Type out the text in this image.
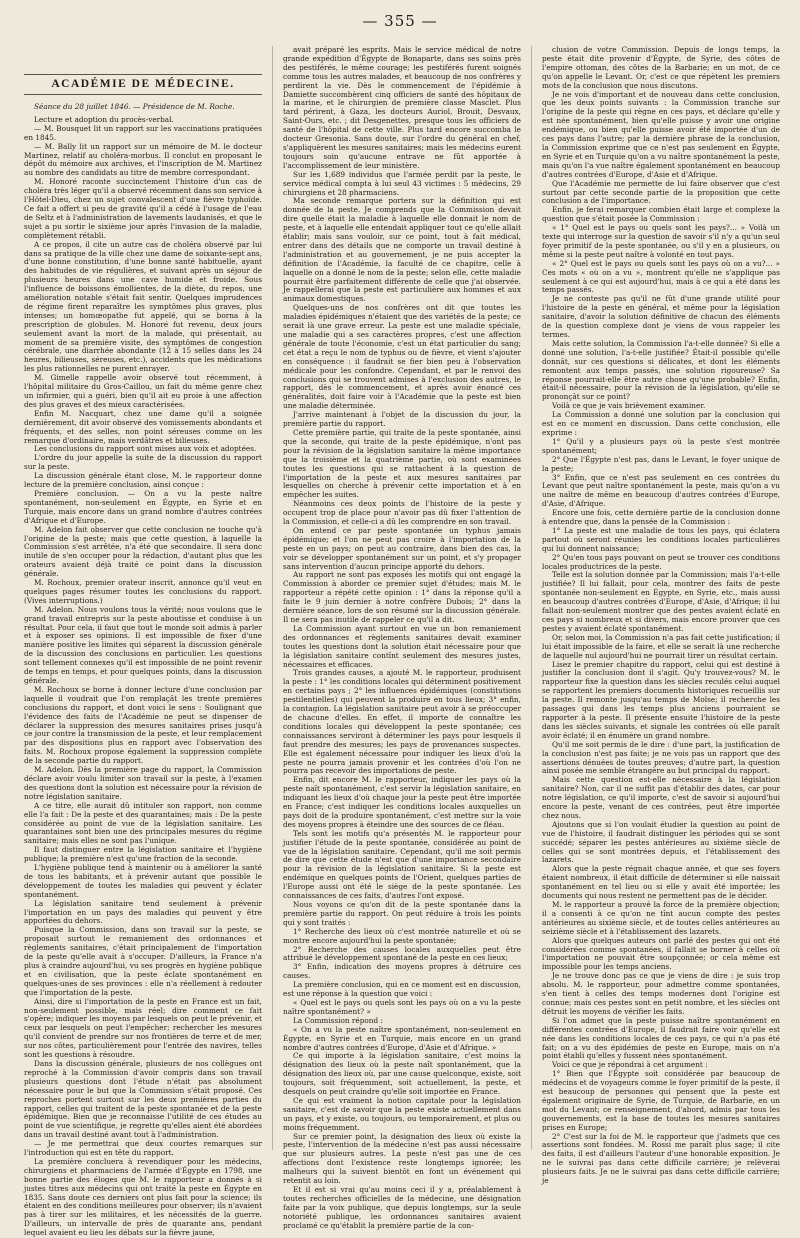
— 355 —
ACADÉMIE DE MÉDECINE.

Séance du 28 juillet 1846. — Présidence de M. Roche.

Lecture et adoption du procès-verbal.

— M. Bousquet lit un rapport sur les vaccinations pratiquées en 1845.

— M. Bally lit un rapport sur un mémoire de M. le docteur Martinez, relatif au choléra-morbus. Il conclut en proposant le dépôt du mémoire aux archives, et l'inscription de M. Martinez au nombre des candidats au titre de membre correspondant.

M. Honoré raconte succinctement l'histoire d'un cas de choléra très léger qu'il a observé récemment dans son service à l'Hôtel-Dieu, chez un sujet convalescent d'une fièvre typhoïde. Ce fait a offert si peu de gravité qu'il a cédé à l'usage de l'eau de Seltz et à l'administration de lavements laudanisés, et que le sujet a pu sortir le sixième jour après l'invasion de la maladie, complètement rétabli.

A ce propos, il cite un autre cas de choléra observé par lui dans sa pratique de la ville chez une dame de soixante-sept ans, d'une bonne constitution, d'une bonne santé habituelle, ayant des habitudes de vie régulières, et suivant après un séjour de plusieurs heures dans une cave humide et froide. Sous l'influence de boissons émollientes, de la diète, du repos, une amélioration notable s'était fait sentir. Quelques imprudences de régime firent reparaître les symptômes plus graves, plus intenses; un homœopathe fut appelé, qui se borna à la prescription de globules. M. Honoré fut revenu, deux jours seulement avant la mort de la malade, qui présentait, au moment de sa première visite, des symptômes de congestion cérébrale, une diarrhée abondante (12 à 15 selles dans les 24 heures, bilieuses, séreuses, etc.), accidents que les médications les plus rationnelles ne purent enrayer.

M. Gimelle rappelle avoir observé tout récemment, à l'hôpital militaire du Gros-Caillou, un fait du même genre chez un infirmier, qui a guéri, bien qu'il ait eu proie à une affection des plus graves et des mieux caractérisées.

Enfin M. Nacquart, chez une dame qu'il a soignée dernièrement, dit avoir observé des vomissements abondants et fréquents, et des selles, non point séreuses comme on les remarque d'ordinaire, mais verdâtres et bilieuses.

Les conclusions du rapport sont mises aux voix et adoptées.

L'ordre du jour appelle la suite de la discussion du rapport sur la peste.

La discussion générale étant close, M. le rapporteur donne lecture de la première conclusion, ainsi conçue :

Première conclusion. — On a vu la peste naître spontanément, non-seulement en Égypte, en Syrie et en Turquie, mais encore dans un grand nombre d'autres contrées d'Afrique et d'Europe.

M. Adelon fait observer que cette conclusion ne touche qu'à l'origine de la peste; mais que cette question, à laquelle la Commission s'est arrêtée, n'a été que secondaire. Il sera donc inutile de s'en occuper pour la rédaction, d'autant plus que les orateurs avaient déjà traité ce point dans la discussion générale.

M. Rochoux, premier orateur inscrit, annonce qu'il veut en quelques pages résumer toutes les conclusions du rapport. (Vives interruptions.)

M. Adelon. Nous voulons tous la vérité; nous voulons que le grand travail entrepris sur la peste aboutisse et conduise à un résultat. Pour cela, il faut que tout le monde soit admis à parler et à exposer ses opinions. Il est impossible de fixer d'une manière positive les limites qui séparent la discussion générale de la discussion des conclusions en particulier. Les questions sont tellement connexes qu'il est impossible de ne point revenir de temps en temps, et pour quelques points, dans la discussion générale.

M. Rochoux se borne à donner lecture d'une conclusion par laquelle il voudrait que l'on remplaçât les trente premières conclusions du rapport, et dont voici le sens : Soulignant que l'évidence des faits de l'Académie ne peut se dispenser de déclarer la suppression des mesures sanitaires prises jusqu'à ce jour contre la transmission de la peste, et leur remplacement par des dispositions plus en rapport avec l'observation des faits. M. Rochoux propose également la suppression complète de la seconde partie du rapport.

M. Adelon. Dès la première page du rapport, la Commission déclare avoir voulu limiter son travail sur la peste, à l'examen des questions dont la solution est nécessaire pour la révision de notre législation sanitaire.

A ce titre, elle aurait dû intituler son rapport, non comme elle l'a fait : De la peste et des quarantaines; mais : De la peste considérée au point de vue de la législation sanitaire. Les quarantaines sont bien une des principales mesures du régime sanitaire; mais elles ne sont pas l'unique.

Il faut distinguer entre la législation sanitaire et l'hygiène publique; la première n'est qu'une fraction de la seconde.

L'hygiène publique tend à maintenir ou à améliorer la santé de tous les habitants, et à prévenir autant que possible le développement de toutes les maladies qui peuvent y éclater spontanément.

La législation sanitaire tend seulement à prévenir l'importation en un pays des maladies qui peuvent y être apportées du dehors.

Puisque la Commission, dans son travail sur la peste, se proposait surtout le remaniement des ordonnances et règlements sanitaires, c'était principalement de l'importation de la peste qu'elle avait à s'occuper. D'ailleurs, la France n'a plus à craindre aujourd'hui, vu ses progrès en hygiène publique et en civilisation, que la peste éclate spontanément en quelques-unes de ses provinces : elle n'a réellement à redouter que l'importation de la peste.

Ainsi, dire si l'importation de la peste en France est un fait, non-seulement possible, mais réel; dire comment ce fait s'opère; indiquer les moyens par lesquels on peut le prévenir, et ceux par lesquels on peut l'empêcher; rechercher les mesures qu'il convient de prendre sur nos frontières de terre et de mer, sur nos côtes, particulièrement pour l'entrée des navires, telles sont les questions à résoudre.

Dans la discussion générale, plusieurs de nos collègues ont reproché à la Commission d'avoir compris dans son travail plusieurs questions dont l'étude n'était pas absolument nécessaire pour le but que la Commission s'était proposé. Ces reproches portent surtout sur les deux premières parties du rapport, celles qui traitent de la peste spontanée et de la peste épidémique. Bien que je reconnaisse l'utilité de ces études au point de vue scientifique, je regrette qu'elles aient été abordées dans un travail destiné avant tout à l'administration.

— Je me permettrai que deux courtes remarques sur l'introduction qui est en tête du rapport.

La première concluera à revendiquer pour les médecins, chirurgiens et pharmaciens de l'armée d'Égypte en 1798, une bonne partie des éloges que M. le rapporteur a donnés à si justes titres aux médecins qui ont traité la peste en Égypte en 1835. Sans doute ces derniers ont plus fait pour la science; ils étaient en des conditions meilleures pour observer; ils n'avaient pas à tirer sur les militaires, et les nécessités de la guerre. D'ailleurs, un intervalle de près de quarante ans, pendant lequel avaient eu lieu les débats sur la fièvre jaune,

avait préparé les esprits. Mais le service médical de notre grande expédition d'Égypte de Bonaparte, dans ses soins près des pestiférés, le même courage; les pestiférés furent soignés comme tous les autres malades, et beaucoup de nos confrères y perdirent la vie. Dès le commencement de l'épidémie à Damiette succombèrent cinq officiers de santé des hôpitaux de la marine, et le chirurgien de première classe Masclet. Plus tard périrent, à Gaza, les docteurs Auriol, Brouit, Desvaux, Saint-Ours, etc. ; dit Desgenettes, presque tous les officiers de santé de l'hôpital de cette ville. Plus tard encore succomba le docteur Gresonia. Sans doute, sur l'ordre du général en chef, s'appliquèrent les mesures sanitaires; mais les médecins eurent toujours soin qu'aucune entrave ne fût apportée à l'accomplissement de leur ministère.

Sur les 1,689 individus que l'armée perdit par la peste, le service médical compta à lui seul 43 victimes : 5 médecins, 29 chirurgiens et 28 pharmaciens.

Ma seconde remarque portera sur la définition qui est donnée de la peste. Je comprends que la Commission devait dire quelle était la maladie à laquelle elle donnait le nom de peste, et à laquelle elle entendait appliquer tout ce qu'elle allait établir; mais sans vouloir, sur ce point, tout à fait médical, entrer dans des détails que ne comporte un travail destiné à l'administration et au gouvernement, je ne puis accepter la définition de l'Académie, la faculté de ce chapitre, celle à laquelle on a donné le nom de la peste; selon elle, cette maladie pourrait être parfaitement différente de celle que j'ai observée. Je rappellerai que la peste est particulière aux hommes et aux animaux domestiques.

Quelques-uns de nos confrères ont dit que toutes les maladies épidémiques n'étaient que des variétés de la peste; ce serait là une grave erreur. La peste est une maladie spéciale, une maladie qui a ses caractères propres, c'est une affection générale de toute l'économie, c'est un état particulier du sang; cet état a reçu le nom de typhus ou de fièvre, et vient s'ajouter en conséquence : il faudrait se fier bien peu à l'observation médicale pour les confondre. Cependant, et par le renvoi des conclusions qui se trouvent admises à l'exclusion des autres, le rapport, dès le commencement, et après avoir énoncé ces généralités, doit faire voir à l'Académie que la peste est bien une maladie déterminée.

J'arrive maintenant à l'objet de la discussion du jour, la première partie du rapport.

Cette première partie, qui traite de la peste spontanée, ainsi que la seconde, qui traite de la peste épidémique, n'ont pas pour la révision de la législation sanitaire la même importance que la troisième et la quatrième partie, où sont examinées toutes les questions qui se rattachent à la question de l'importation de la peste et aux mesures sanitaires par lesquelles on cherche à prévenir cette importation et à en empêcher les suites.

Néanmoins ces deux points de l'histoire de la peste y occupent trop de place pour n'avoir pas dû fixer l'attention de la Commission, et celle-ci a dû les comprendre en son travail.

On entend ce par peste spontanée un typhus jamais épidémique; et l'on ne peut pas croire à l'importation de la peste en un pays; on peut au contraire, dans bien des cas, la voir se développer spontanément sur un point, et s'y propager sans intervention d'aucun principe apporté du dehors.

Au rapport ne sont pas exposés les motifs qui ont engagé la Commission à aborder ce premier sujet d'études; mais M. le rapporteur a répété cette opinion : 1° dans la réponse qu'il a faite le 9 juin dernier à notre confrère Dubois; 2° dans la dernière séance, lors de son résumé sur la discussion générale. Il ne sera pas inutile de rappeler ce qu'il a dit.

La Commission ayant surtout en vue un bon remaniement des ordonnances et règlements sanitaires devait examiner toutes les questions dont la solution était nécessaire pour que la législation sanitaire contînt seulement des mesures justes, nécessaires et efficaces.

Trois grandes causes, a ajouté M. le rapporteur, produisent la peste : 1° les conditions locales qui déterminent positivement en certains pays ; 2° les influences épidémiques (constitutions pestilentielles) qui peuvent la produire en tous lieux; 3° enfin, la contagion. La législation sanitaire peut avoir à se préoccuper de chacune d'elles. En effet, il importe de connaître les conditions locales qui développent la peste spontanée; ces connaissances serviront à déterminer les pays pour lesquels il faut prendre des mesures; les pays de provenances suspectes. Elle est également nécessaire pour indiquer les lieux d'où la peste ne pourra jamais provenir et les contrées d'où l'on ne pourra pas recevoir des importations de peste.

Enfin, dit encore M. le rapporteur, indiquer les pays où la peste naît spontanément, c'est servir la législation sanitaire, en indiquant les lieux d'où chaque jour la peste peut être importée en France; c'est indiquer les conditions locales auxquelles un pays doit de la produire spontanément, c'est mettre sur la voie des moyens propres à éteindre une des sources de ce fléau.

Tels sont les motifs qu'a présentés M. le rapporteur pour justifier l'étude de la peste spontanée, considérée au point de vue de la législation sanitaire. Cependant, qu'il me soit permis de dire que cette étude n'est que d'une importance secondaire pour la révision de la législation sanitaire. Si la peste est endémique en quelques points de l'Orient, quelques parties de l'Europe aussi ont été le siège de la peste spontanée. Les connaissances de ces faits, d'autres l'ont exposé.

Nous voyons ce qu'on dit de la peste spontanée dans la première partie du rapport. On peut réduire à trois les points qui y sont traités :

1° Recherche des lieux où c'est montrée naturelle et où se montre encore aujourd'hui la peste spontanée;

2° Recherche des causes locales auxquelles peut être attribué le développement spontané de la peste en ces lieux;

3° Enfin, indication des moyens propres à détruire ces causes.

La première conclusion, qui en ce moment est en discussion, est une réponse à la question que voici :

« Quel est le pays ou quels sont les pays où on a vu la peste naître spontanément? »

La Commission répond :

« On a vu la peste naître spontanément, non-seulement en Égypte, en Syrie et en Turquie, mais encore en un grand nombre d'autres contrées d'Europe, d'Asie et d'Afrique. »

Ce qui importe à la législation sanitaire, c'est moins la désignation des lieux où la peste naît spontanément, que la désignation des lieux où, par une cause quelconque, existe, soit toujours, soit fréquemment, soit actuellement, la peste, et desquels on peut craindre qu'elle soit importée en France.

Ce qui est vraiment la notion capitale pour la législation sanitaire, c'est de savoir que la peste existe actuellement dans un pays, et y existe, ou toujours, ou temporairement, et plus ou moins fréquemment.

Sur ce premier point, la désignation des lieux où existe la peste, l'intervention de la médecine n'est pas aussi nécessaire que sur plusieurs autres. La peste n'est pas une de ces affections dont l'existence reste longtemps ignorée; les malheurs qui la suivent bientôt en font un événement qui retentit au loin.

Et il est si vrai qu'au moins ceci il y a, préalablement à toutes recherches officielles de la médecine, une désignation faite par la voix publique, que depuis longtemps, sur la seule notoriété publique, les ordonnances sanitaires avaient proclamé ce qu'établit la première partie de la con-

clusion de votre Commission. Depuis de longs temps, la peste était dite provenir d'Égypte, de Syrie, des côtes de l'empire ottoman, des côtes de la Barbarie; en un mot, de ce qu'on appelle le Levant. Or, c'est ce que répètent les premiers mots de la conclusion que nous discutons.

Je ne vois d'important et de nouveau dans cette conclusion, que les deux points suivants : la Commission tranche sur l'origine de la peste qui règne en ces pays, et déclare qu'elle y est née spontanément, bien qu'elle puisse y avoir une origine endémique, ou bien qu'elle puisse avoir été importée d'un de ces pays dans l'autre; par la dernière phrase de la conclusion, la Commission exprime que ce n'est pas seulement en Égypte, en Syrie et en Turquie qu'on a vu naître spontanément la peste, mais qu'on l'a vue naître également spontanément en beaucoup d'autres contrées d'Europe, d'Asie et d'Afrique.

Que l'Académie me permette de lui faire observer que c'est surtout par cette seconde partie de la proposition que cette conclusion a de l'importance.

Enfin, je ferai remarquer combien était large et complexe la question que s'était posée la Commission :

« 1° Quel est le pays ou quels sont les pays?... » Voilà un texte qui interroge sur la question de savoir s'il n'y a qu'un seul foyer primitif de la peste spontanée, ou s'il y en a plusieurs, ou même si la peste peut naître à volonté en tout pays.

« 2° Quel est le pays ou quels sont les pays où on a vu?... » Ces mots « où on a vu », montrent qu'elle ne s'applique pas seulement à ce qui est aujourd'hui, mais à ce qui a été dans les temps passés.

Je ne conteste pas qu'il ne fût d'une grande utilité pour l'histoire de la peste en général, et même pour la législation sanitaire, d'avoir la solution définitive de chacun des éléments de la question complexe dont je viens de vous rappeler les termes.

Mais cette solution, la Commission l'a-t-elle donnée? Si elle a donné une solution, l'a-t-elle justifiée? Était-il possible qu'elle donnât, sur ces questions si délicates, et dont les éléments remontent aux temps passés, une solution rigoureuse? Sa réponse pourrait-elle être autre chose qu'une probable? Enfin, était-il nécessaire, pour la révision de la législation, qu'elle se prononçât sur ce point?

Voilà ce que je vais brièvement examiner.

La Commission a donné une solution par la conclusion qui est en ce moment en discussion. Dans cette conclusion, elle exprime :

1° Qu'il y a plusieurs pays où la peste s'est montrée spontanément;

2° Que l'Égypte n'est pas, dans le Levant, le foyer unique de la peste;

3° Enfin, que ce n'est pas seulement en ces contrées du Levant que peut naître spontanément la peste, mais qu'on a vu une naître de même en beaucoup d'autres contrées d'Europe, d'Asie, d'Afrique.

Encore une fois, cette dernière partie de la conclusion donne à entendre que, dans la pensée de la Commission :

1° La peste est une maladie de tous les pays, qui éclatera partout où seront réunies les conditions locales particulières qui lui donnent naissance;

2° Qu'en tous pays pouvant on peut se trouver ces conditions locales productrices de la peste.

Telle est la solution donnée par la Commission; mais l'a-t-elle justifiée? Il lui fallait, pour cela, montrer des faits de peste spontanée non-seulement en Égypte, en Syrie, etc., mais aussi en beaucoup d'autres contrées d'Europe, d'Asie, d'Afrique; il lui fallait non-seulement montrer que des pestes avaient éclaté en ces pays si nombreux et si divers, mais encore prouver que ces pestes y avaient éclaté spontanément.

Or, selon moi, la Commission n'a pas fait cette justification; il lui était impossible de la faire, et elle se serait là une recherche de laquelle nul aujourd'hui ne pourrait tirer un résultat certain.

Lisez le premier chapitre du rapport, celui qui est destiné à justifier la conclusion dont il s'agit. Qu'y trouvez-vous? M. le rapporteur fixe la question dans les siècles reculés celui auquel se rapportent les premiers documents historiques recueillis sur la peste. Il remonte jusqu'au temps de Moïse; il recherche les passages qui dans les temps plus anciens pourraient se rapporter à la peste. Il présente ensuite l'histoire de la peste dans les siècles suivants, et signale les contrées où elle paraît avoir éclaté; il en énumère un grand nombre.

Qu'il me soit permis de le dire : d'une part, la justification de la conclusion n'est pas faite; je ne vois pas un rapport que des assertions dénuées de toutes preuves; d'autre part, la question ainsi posée me semble étrangère au but principal du rapport.

Mais cette question est-elle nécessaire à la législation sanitaire? Non, car il ne suffit pas d'établir des dates, car pour notre législation, ce qu'il importe, c'est de savoir si aujourd'hui encore la peste, venant de ces contrées, peut être importée chez nous.

Ajoutons que si l'on voulait étudier la question au point de vue de l'histoire, il faudrait distinguer les périodes qui se sont succédé; séparer les pestes antérieures au sixième siècle de celles qui se sont montrées depuis, et l'établissement des lazarets.

Alors que la peste régnait chaque année, et que ses foyers étaient nombreux, il était difficile de déterminer si elle naissait spontanément en tel lieu ou si elle y avait été importée; les documents qui nous restent ne permettent pas de le décider.

M. le rapporteur a prouvé la force de la première objection; il a consenti à ce qu'on ne tînt aucun compte des pestes antérieures au sixième siècle, et de toutes celles antérieures au seizième siècle et à l'établissement des lazarets.

Alors que quelques auteurs ont parlé des pestes qui ont été considérées comme spontanées, il fallait se borner à celles où l'importation ne pouvait être soupçonnée; or cela même est impossible pour les temps anciens.

Je ne trouve donc pas ce que je viens de dire : je suis trop absolu. M. le rapporteur, pour admettre comme spontanées, s'en tient à celles des temps modernes dont l'origine est connue; mais ces pestes sont en petit nombre, et les siècles ont détruit les moyens de vérifier les faits.

Si l'on admet que la peste puisse naître spontanément en différentes contrées d'Europe, il faudrait faire voir qu'elle est née dans les conditions locales de ces pays, ce qui n'a pas été fait; on a vu des épidémies de peste en Europe, mais on n'a point établi qu'elles y fussent nées spontanément.

Voici ce que je répondrai à cet argument :

1° Bien que l'Égypte soit considérée par beaucoup de médecins et de voyageurs comme le foyer primitif de la peste, il est beaucoup de personnes qui pensent que la peste est également originaire de Syrie, de Turquie, de Barbarie, en un mot du Levant; ce renseignement, d'abord, admis par tous les gouvernements, est la base de toutes les mesures sanitaires prises en Europe;

2° C'est sur la foi de M. le rapporteur que j'admets que ces assertions sont fondées. M. Rossi me paraît plus sage; il cite des faits, il est d'ailleurs l'auteur d'une honorable exposition. Je ne le suivrai pas dans cette difficile carrière; je relèverai plusieurs faits. Je ne le suivrai pas dans cette difficile carrière; je
